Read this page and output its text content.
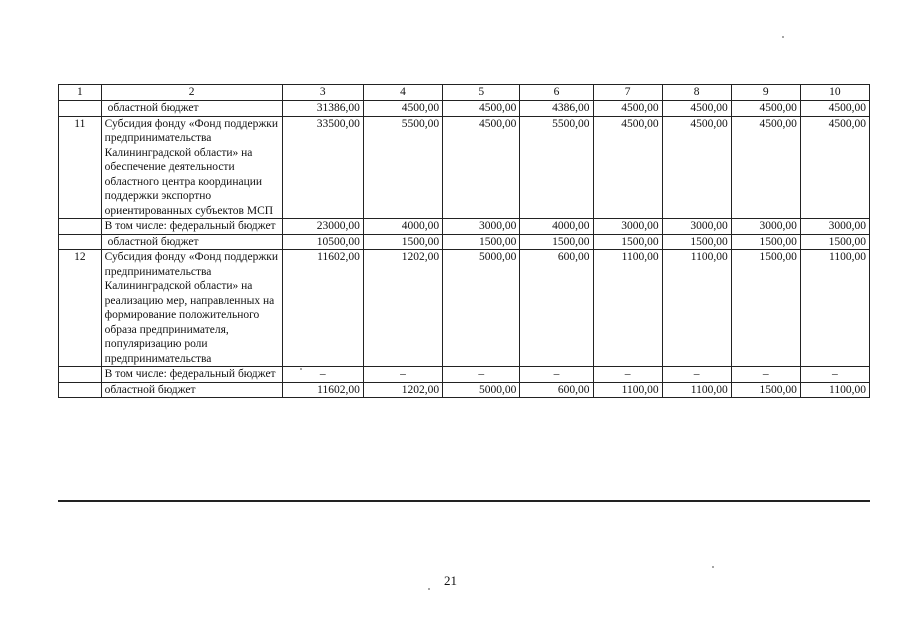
1	2	3	4	5	6	7	8	9	10
	областной бюджет	31386,00	4500,00	4500,00	4386,00	4500,00	4500,00	4500,00	4500,00
11	Субсидия фонду «Фонд поддержки предпринимательства Калининградской области» на обеспечение деятельности областного центра координации поддержки экспортно ориентированных субъектов МСП	33500,00	5500,00	4500,00	5500,00	4500,00	4500,00	4500,00	4500,00
	В том числе: федеральный бюджет	23000,00	4000,00	3000,00	4000,00	3000,00	3000,00	3000,00	3000,00
	областной бюджет	10500,00	1500,00	1500,00	1500,00	1500,00	1500,00	1500,00	1500,00
12	Субсидия фонду «Фонд поддержки предпринимательства Калининградской области» на реализацию мер, направленных на формирование положительного образа предпринимателя, популяризацию роли предпринимательства	11602,00	1202,00	5000,00	600,00	1100,00	1100,00	1500,00	1100,00
	В том числе: федеральный бюджет	–	–	–	–	–	–	–	–
	областной бюджет	11602,00	1202,00	5000,00	600,00	1100,00	1100,00	1500,00	1100,00
21
